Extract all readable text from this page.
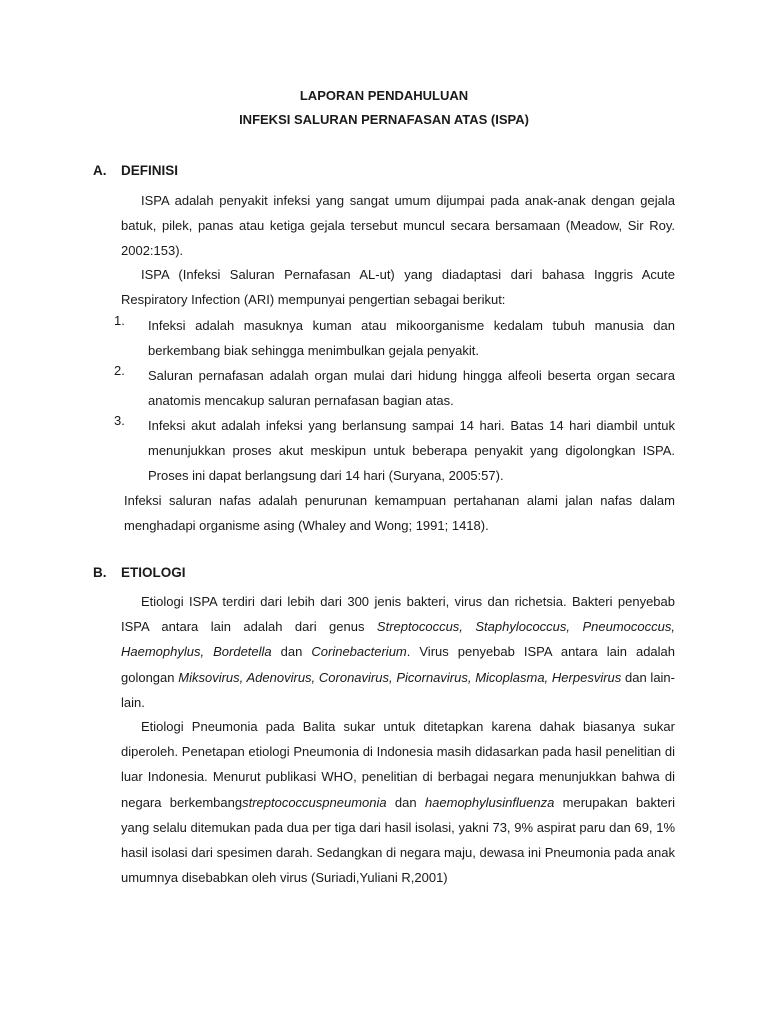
LAPORAN PENDAHULUAN

INFEKSI SALURAN PERNAFASAN ATAS (ISPA)

A. DEFINISI

ISPA adalah penyakit infeksi yang sangat umum dijumpai pada anak-anak dengan gejala batuk, pilek, panas atau ketiga gejala tersebut muncul secara bersamaan (Meadow, Sir Roy. 2002:153).

ISPA (Infeksi Saluran Pernafasan AL-ut) yang diadaptasi dari bahasa Inggris Acute Respiratory Infection (ARI) mempunyai pengertian sebagai berikut:

1. Infeksi adalah masuknya kuman atau mikoorganisme kedalam tubuh manusia dan berkembang biak sehingga menimbulkan gejala penyakit.

2. Saluran pernafasan adalah organ mulai dari hidung hingga alfeoli beserta organ secara anatomis mencakup saluran pernafasan bagian atas.

3. Infeksi akut adalah infeksi yang berlansung sampai 14 hari. Batas 14 hari diambil untuk menunjukkan proses akut meskipun untuk beberapa penyakit yang digolongkan ISPA. Proses ini dapat berlangsung dari 14 hari (Suryana, 2005:57).

Infeksi saluran nafas adalah penurunan kemampuan pertahanan alami jalan nafas dalam menghadapi organisme asing (Whaley and Wong; 1991; 1418).

B. ETIOLOGI

Etiologi ISPA terdiri dari lebih dari 300 jenis bakteri, virus dan richetsia. Bakteri penyebab ISPA antara lain adalah dari genus Streptococcus, Staphylococcus, Pneumococcus, Haemophylus, Bordetella dan Corinebacterium. Virus penyebab ISPA antara lain adalah golongan Miksovirus, Adenovirus, Coronavirus, Picornavirus, Micoplasma, Herpesvirus dan lain-lain.

Etiologi Pneumonia pada Balita sukar untuk ditetapkan karena dahak biasanya sukar diperoleh. Penetapan etiologi Pneumonia di Indonesia masih didasarkan pada hasil penelitian di luar Indonesia. Menurut publikasi WHO, penelitian di berbagai negara menunjukkan bahwa di negara berkembangstreptococcuspneumonia dan haemophylusinfluenza merupakan bakteri yang selalu ditemukan pada dua per tiga dari hasil isolasi, yakni 73, 9% aspirat paru dan 69, 1% hasil isolasi dari spesimen darah. Sedangkan di negara maju, dewasa ini Pneumonia pada anak umumnya disebabkan oleh virus (Suriadi,Yuliani R,2001)
